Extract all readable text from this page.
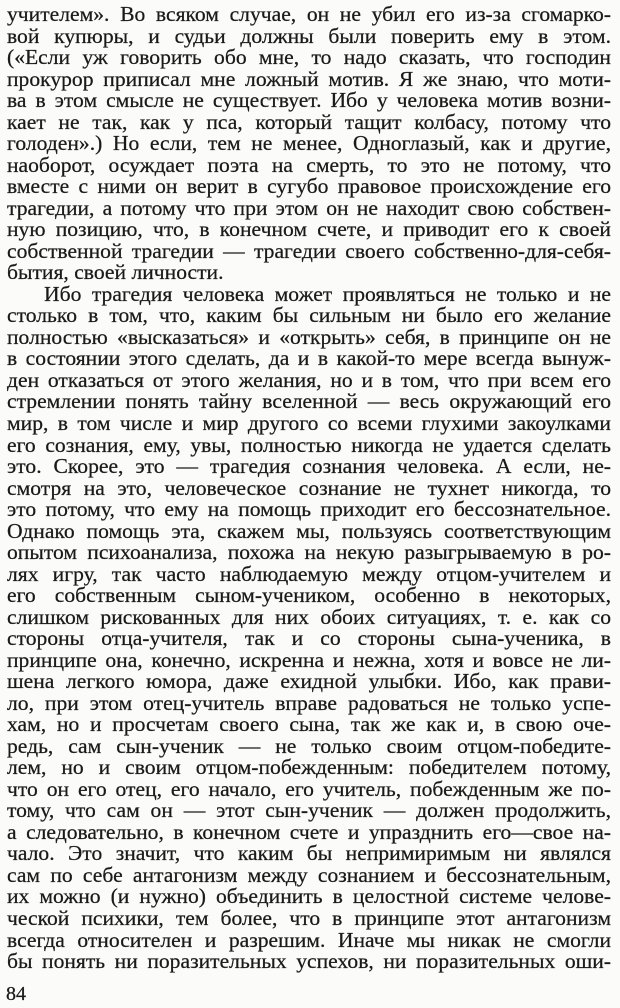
учителем». Во всяком случае, он не убил его из-за сгомарко-
вой купюры, и судьи должны были поверить ему в этом.
(«Если уж говорить обо мне, то надо сказать, что господин
прокурор приписал мне ложный мотив. Я же знаю, что моти-
ва в этом смысле не существует. Ибо у человека мотив возни-
кает не так, как у пса, который тащит колбасу, потому что
голоден».) Но если, тем не менее, Одноглазый, как и другие,
наоборот, осуждает поэта на смерть, то это не потому, что
вместе с ними он верит в сугубо правовое происхождение его
трагедии, а потому что при этом он не находит свою собствен-
ную позицию, что, в конечном счете, и приводит его к своей
собственной трагедии — трагедии своего собственно-для-себя-
бытия, своей личности.
Ибо трагедия человека может проявляться не только и не
столько в том, что, каким бы сильным ни было его желание
полностью «высказаться» и «открыть» себя, в принципе он не
в состоянии этого сделать, да и в какой-то мере всегда вынуж-
ден отказаться от этого желания, но и в том, что при всем его
стремлении понять тайну вселенной — весь окружающий его
мир, в том числе и мир другого со всеми глухими закоулками
его сознания, ему, увы, полностью никогда не удается сделать
это. Скорее, это — трагедия сознания человека. А если, не-
смотря на это, человеческое сознание не тухнет никогда, то
это потому, что ему на помощь приходит его бессознательное.
Однако помощь эта, скажем мы, пользуясь соответствующим
опытом психоанализа, похожа на некую разыгрываемую в ро-
лях игру, так часто наблюдаемую между отцом-учителем и
его собственным сыном-учеником, особенно в некоторых,
слишком рискованных для них обоих ситуациях, т. е. как со
стороны отца-учителя, так и со стороны сына-ученика, в
принципе она, конечно, искренна и нежна, хотя и вовсе не ли-
шена легкого юмора, даже ехидной улыбки. Ибо, как прави-
ло, при этом отец-учитель вправе радоваться не только успе-
хам, но и просчетам своего сына, так же как и, в свою оче-
редь, сам сын-ученик — не только своим отцом-победите-
лем, но и своим отцом-побежденным: победителем потому,
что он его отец, его начало, его учитель, побежденным же по-
тому, что сам он — этот сын-ученик — должен продолжить,
а следовательно, в конечном счете и упразднить его—свое на-
чало. Это значит, что каким бы непримиримым ни являлся
сам по себе антагонизм между сознанием и бессознательным,
их можно (и нужно) объединить в целостной системе челове-
ческой психики, тем более, что в принципе этот антагонизм
всегда относителен и разрешим. Иначе мы никак не смогли
бы понять ни поразительных успехов, ни поразительных оши-
84
